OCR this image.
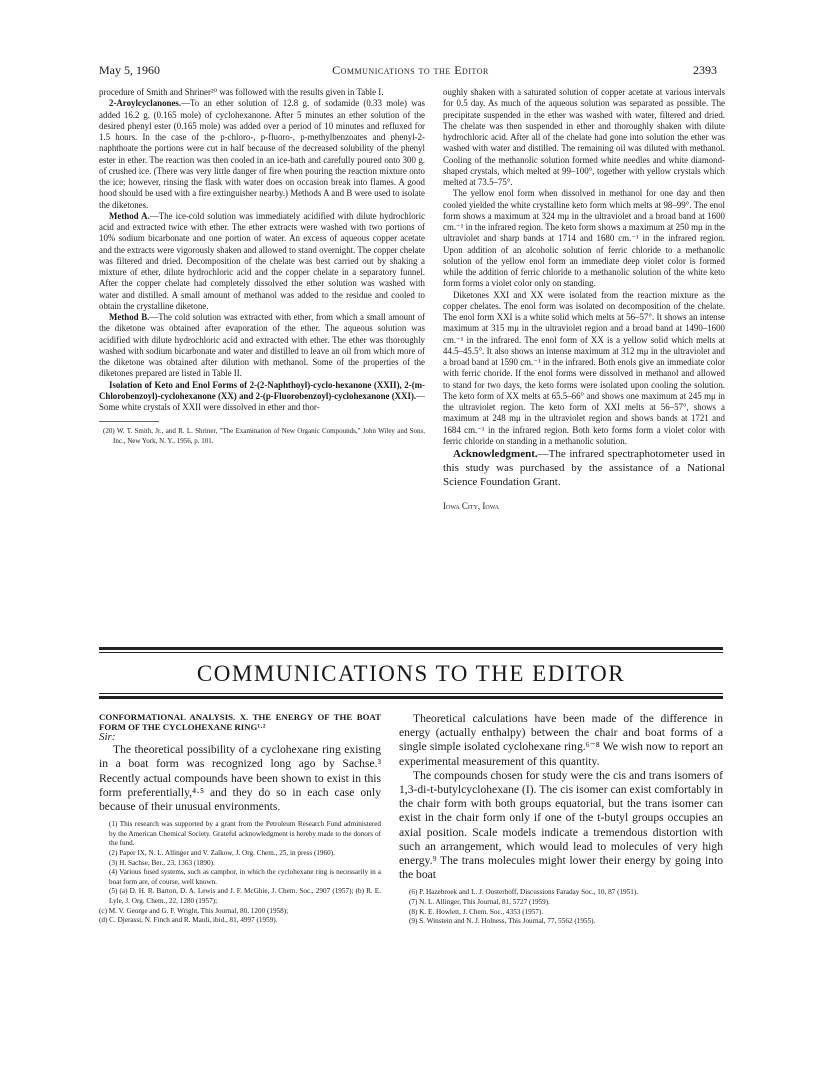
May 5, 1960	Communications to the Editor	2393

procedure of Smith and Shriner²⁰ was followed with the results given in Table I.

2-Aroylcyclanones.—To an ether solution of 12.8 g. of sodamide (0.33 mole) was added 16.2 g. (0.165 mole) of cyclohexanone. After 5 minutes an ether solution of the desired phenyl ester (0.165 mole) was added over a period of 10 minutes and refluxed for 1.5 hours. In the case of the p-chloro-, p-fluoro-, p-methylbenzoates and phenyl-2-naphthoate the portions were cut in half because of the decreased solubility of the phenyl ester in ether. The reaction was then cooled in an ice-bath and carefully poured onto 300 g. of crushed ice. (There was very little danger of fire when pouring the reaction mixture onto the ice; however, rinsing the flask with water does on occasion break into flames. A good hood should be used with a fire extinguisher nearby.) Methods A and B were used to isolate the diketones.

Method A.—The ice-cold solution was immediately acidified with dilute hydrochloric acid and extracted twice with ether. The ether extracts were washed with two portions of 10% sodium bicarbonate and one portion of water. An excess of aqueous copper acetate and the extracts were vigorously shaken and allowed to stand overnight. The copper chelate was filtered and dried. Decomposition of the chelate was best carried out by shaking a mixture of ether, dilute hydrochloric acid and the copper chelate in a separatory funnel. After the copper chelate had completely dissolved the ether solution was washed with water and distilled. A small amount of methanol was added to the residue and cooled to obtain the crystalline diketone.

Method B.—The cold solution was extracted with ether, from which a small amount of the diketone was obtained after evaporation of the ether. The aqueous solution was acidified with dilute hydrochloric acid and extracted with ether. The ether was thoroughly washed with sodium bicarbonate and water and distilled to leave an oil from which more of the diketone was obtained after dilution with methanol. Some of the properties of the diketones prepared are listed in Table II.

Isolation of Keto and Enol Forms of 2-(2-Naphthoyl)-cyclo-hexanone (XXII), 2-(m-Chlorobenzoyl)-cyclohexanone (XX) and 2-(p-Fluorobenzoyl)-cyclohexanone (XXI).—Some white crystals of XXII were dissolved in ether and thor-

(20) W. T. Smith, Jr., and R. L. Shriner, "The Examination of New Organic Compounds," John Wiley and Sons, Inc., New York, N. Y., 1956, p. 101.

oughly shaken with a saturated solution of copper acetate at various intervals for 0.5 day. As much of the aqueous solution was separated as possible. The precipitate suspended in the ether was washed with water, filtered and dried. The chelate was then suspended in ether and thoroughly shaken with dilute hydrochloric acid. After all of the chelate had gone into solution the ether was washed with water and distilled. The remaining oil was diluted with methanol. Cooling of the methanolic solution formed white needles and white diamond-shaped crystals, which melted at 99–100°, together with yellow crystals which melted at 73.5–75°.

The yellow enol form when dissolved in methanol for one day and then cooled yielded the white crystalline keto form which melts at 98–99°. The enol form shows a maximum at 324 mμ in the ultraviolet and a broad band at 1600 cm.⁻¹ in the infrared region. The keto form shows a maximum at 250 mμ in the ultraviolet and sharp bands at 1714 and 1680 cm.⁻¹ in the infrared region. Upon addition of an alcoholic solution of ferric chloride to a methanolic solution of the yellow enol form an immediate deep violet color is formed while the addition of ferric chloride to a methanolic solution of the white keto form forms a violet color only on standing.

Diketones XXI and XX were isolated from the reaction mixture as the copper chelates. The enol form was isolated on decomposition of the chelate. The enol form XXI is a white solid which melts at 56–57°. It shows an intense maximum at 315 mμ in the ultraviolet region and a broad band at 1490–1600 cm.⁻¹ in the infrared. The enol form of XX is a yellow solid which melts at 44.5–45.5°. It also shows an intense maximum at 312 mμ in the ultraviolet and a broad band at 1590 cm.⁻¹ in the infrared. Both enols give an immediate color with ferric choride. If the enol forms were dissolved in methanol and allowed to stand for two days, the keto forms were isolated upon cooling the solution. The keto form of XX melts at 65.5–66° and shows one maximum at 245 mμ in the ultraviolet region. The keto form of XXI melts at 56–57°, shows a maximum at 248 mμ in the ultraviolet region and shows bands at 1721 and 1684 cm.⁻¹ in the infrared region. Both keto forms form a violet color with ferric chloride on standing in a methanolic solution.

Acknowledgment.—The infrared spectraphotometer used in this study was purchased by the assistance of a National Science Foundation Grant.

Iowa City, Iowa

COMMUNICATIONS TO THE EDITOR

CONFORMATIONAL ANALYSIS. X. THE ENERGY OF THE BOAT FORM OF THE CYCLOHEXANE RING¹·²

Sir:

The theoretical possibility of a cyclohexane ring existing in a boat form was recognized long ago by Sachse.³ Recently actual compounds have been shown to exist in this form preferentially,⁴·⁵ and they do so in each case only because of their unusual environments.

(1) This research was supported by a grant from the Petroleum Research Fund administered by the American Chemical Society. Grateful acknowledgment is hereby made to the donors of the fund.

(2) Paper IX, N. L. Allinger and V. Zalkow, J. Org. Chem., 25, in press (1960).

(3) H. Sachse, Ber., 23, 1363 (1890).

(4) Various fused systems, such as camphor, in which the cyclohexane ring is necessarily in a boat form are, of course, well known.

(5) (a) D. H. R. Barton, D. A. Lewis and J. F. McGhie, J. Chem. Soc., 2907 (1957); (b) R. E. Lyle, J. Org. Chem., 22, 1280 (1957);

(c) M. V. George and G. F. Wright, This Journal, 80, 1200 (1958);

(d) C. Djerassi, N. Finch and R. Mauli, ibid., 81, 4997 (1959).

Theoretical calculations have been made of the difference in energy (actually enthalpy) between the chair and boat forms of a single simple isolated cyclohexane ring.⁶⁻⁸ We wish now to report an experimental measurement of this quantity.

The compounds chosen for study were the cis and trans isomers of 1,3-di-t-butylcyclohexane (I). The cis isomer can exist comfortably in the chair form with both groups equatorial, but the trans isomer can exist in the chair form only if one of the t-butyl groups occupies an axial position. Scale models indicate a tremendous distortion with such an arrangement, which would lead to molecules of very high energy.⁹ The trans molecules might lower their energy by going into the boat

(6) P. Hazebroek and L. J. Oosterhoff, Discussions Faraday Soc., 10, 87 (1951).

(7) N. L. Allinger, This Journal, 81, 5727 (1959).

(8) K. E. Howlett, J. Chem. Soc., 4353 (1957).

(9) S. Winstein and N. J. Holness, This Journal, 77, 5562 (1955).
